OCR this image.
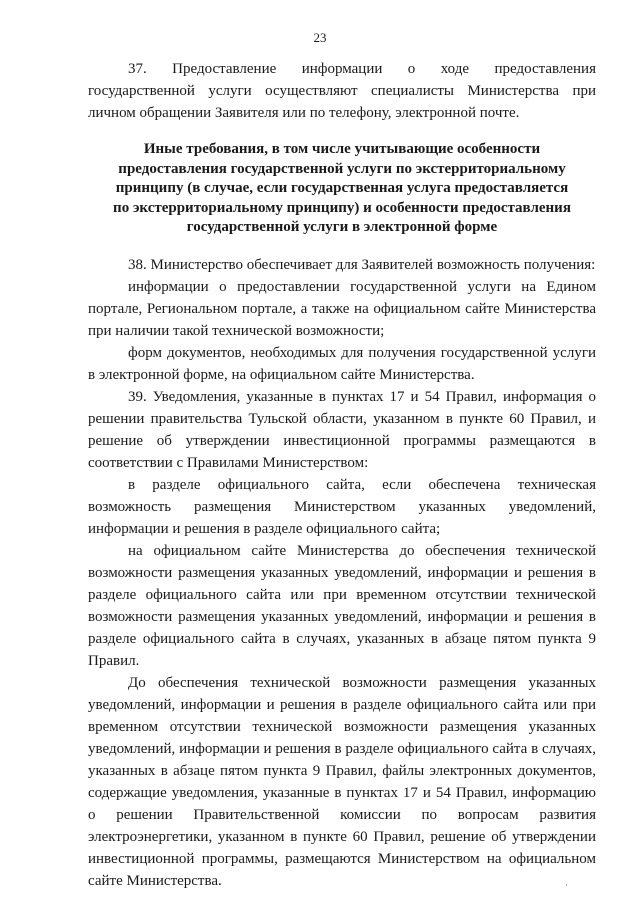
23

37. Предоставление информации о ходе предоставления государственной услуги осуществляют специалисты Министерства при личном обращении Заявителя или по телефону, электронной почте.

Иные требования, в том числе учитывающие особенности
предоставления государственной услуги по экстерриториальному
принципу (в случае, если государственная услуга предоставляется
по экстерриториальному принципу) и особенности предоставления
государственной услуги в электронной форме

38. Министерство обеспечивает для Заявителей возможность получения:

информации о предоставлении государственной услуги на Едином портале, Региональном портале, а также на официальном сайте Министерства при наличии такой технической возможности;

форм документов, необходимых для получения государственной услуги в электронной форме, на официальном сайте Министерства.

39. Уведомления, указанные в пунктах 17 и 54 Правил, информация о решении правительства Тульской области, указанном в пункте 60 Правил, и решение об утверждении инвестиционной программы размещаются в соответствии с Правилами Министерством:

в разделе официального сайта, если обеспечена техническая возможность размещения Министерством указанных уведомлений, информации и решения в разделе официального сайта;

на официальном сайте Министерства до обеспечения технической возможности размещения указанных уведомлений, информации и решения в разделе официального сайта или при временном отсутствии технической возможности размещения указанных уведомлений, информации и решения в разделе официального сайта в случаях, указанных в абзаце пятом пункта 9 Правил.

До обеспечения технической возможности размещения указанных уведомлений, информации и решения в разделе официального сайта или при временном отсутствии технической возможности размещения указанных уведомлений, информации и решения в разделе официального сайта в случаях, указанных в абзаце пятом пункта 9 Правил, файлы электронных документов, содержащие уведомления, указанные в пунктах 17 и 54 Правил, информацию о решении Правительственной комиссии по вопросам развития электроэнергетики, указанном в пункте 60 Правил, решение об утверждении инвестиционной программы, размещаются Министерством на официальном сайте Министерства.	·
